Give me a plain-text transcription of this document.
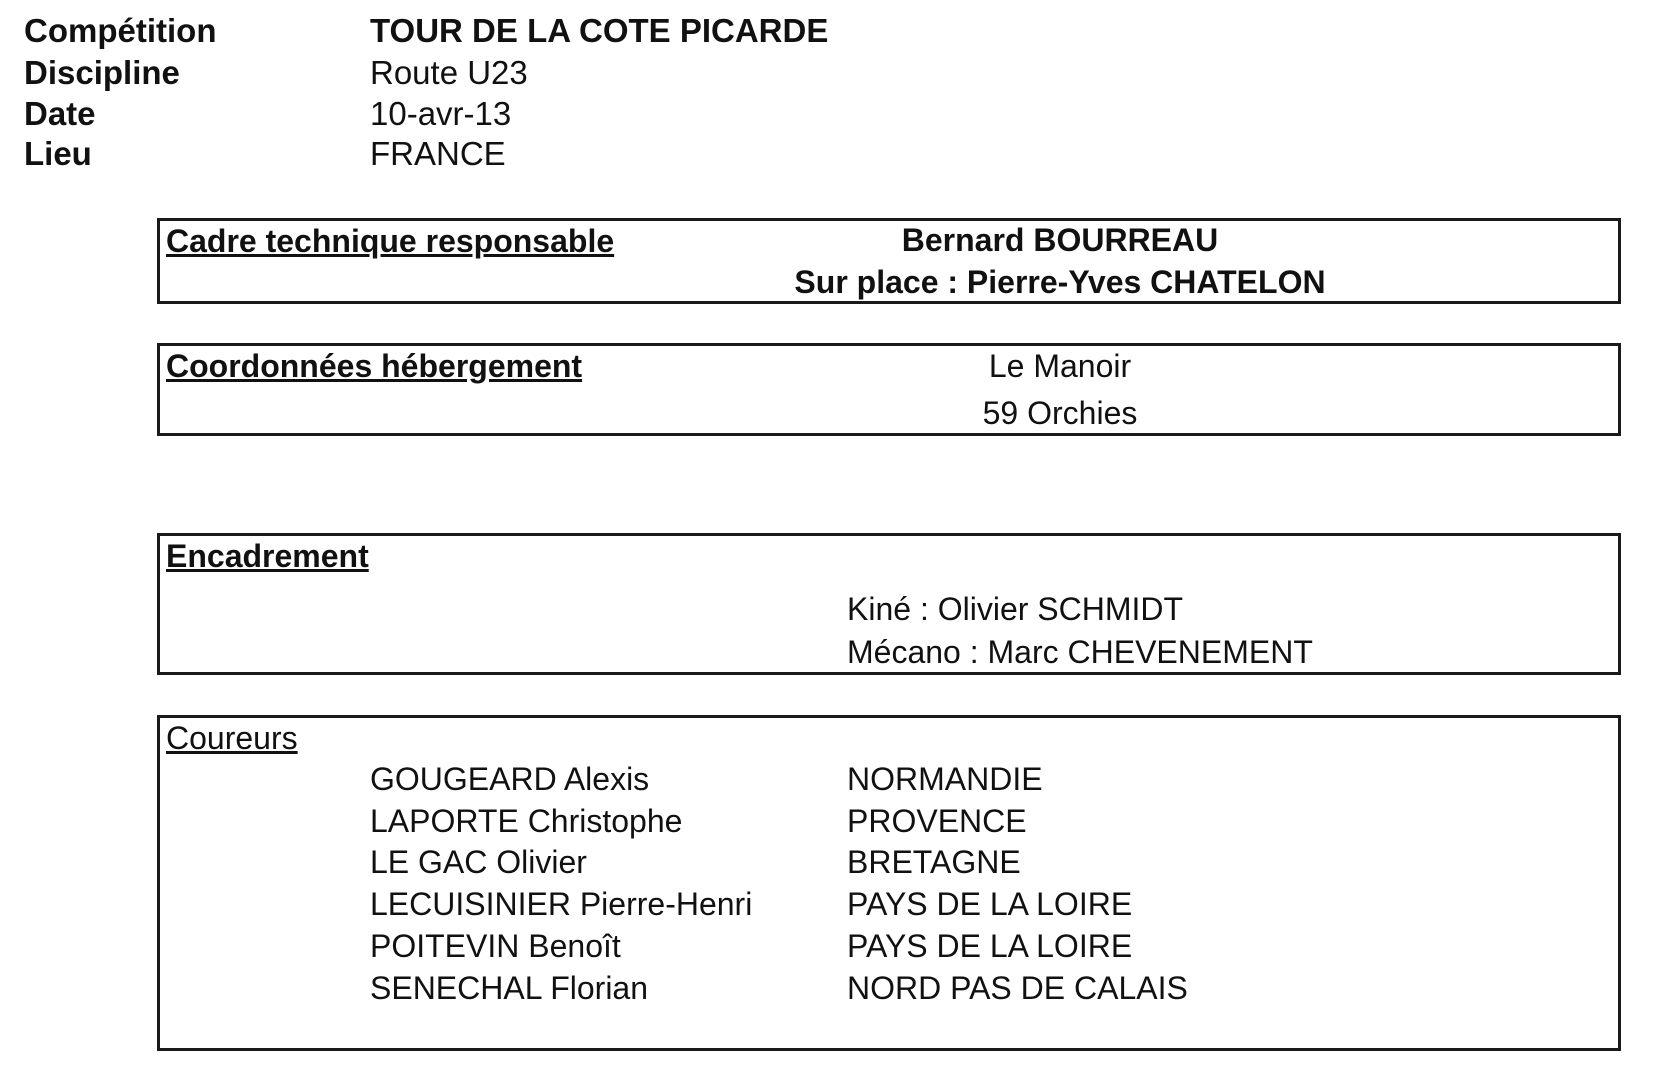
Compétition	TOUR DE LA COTE PICARDE
Discipline	Route U23
Date	10-avr-13
Lieu	FRANCE
Cadre technique responsable	Bernard BOURREAU
Sur place : Pierre-Yves CHATELON
Coordonnées hébergement	Le Manoir
59 Orchies
Encadrement
Kiné : Olivier SCHMIDT
Mécano : Marc CHEVENEMENT
Coureurs
GOUGEARD Alexis	NORMANDIE
LAPORTE Christophe	PROVENCE
LE GAC Olivier	BRETAGNE
LECUISINIER Pierre-Henri	PAYS DE LA LOIRE
POITEVIN Benoît	PAYS DE LA LOIRE
SENECHAL Florian	NORD PAS DE CALAIS
